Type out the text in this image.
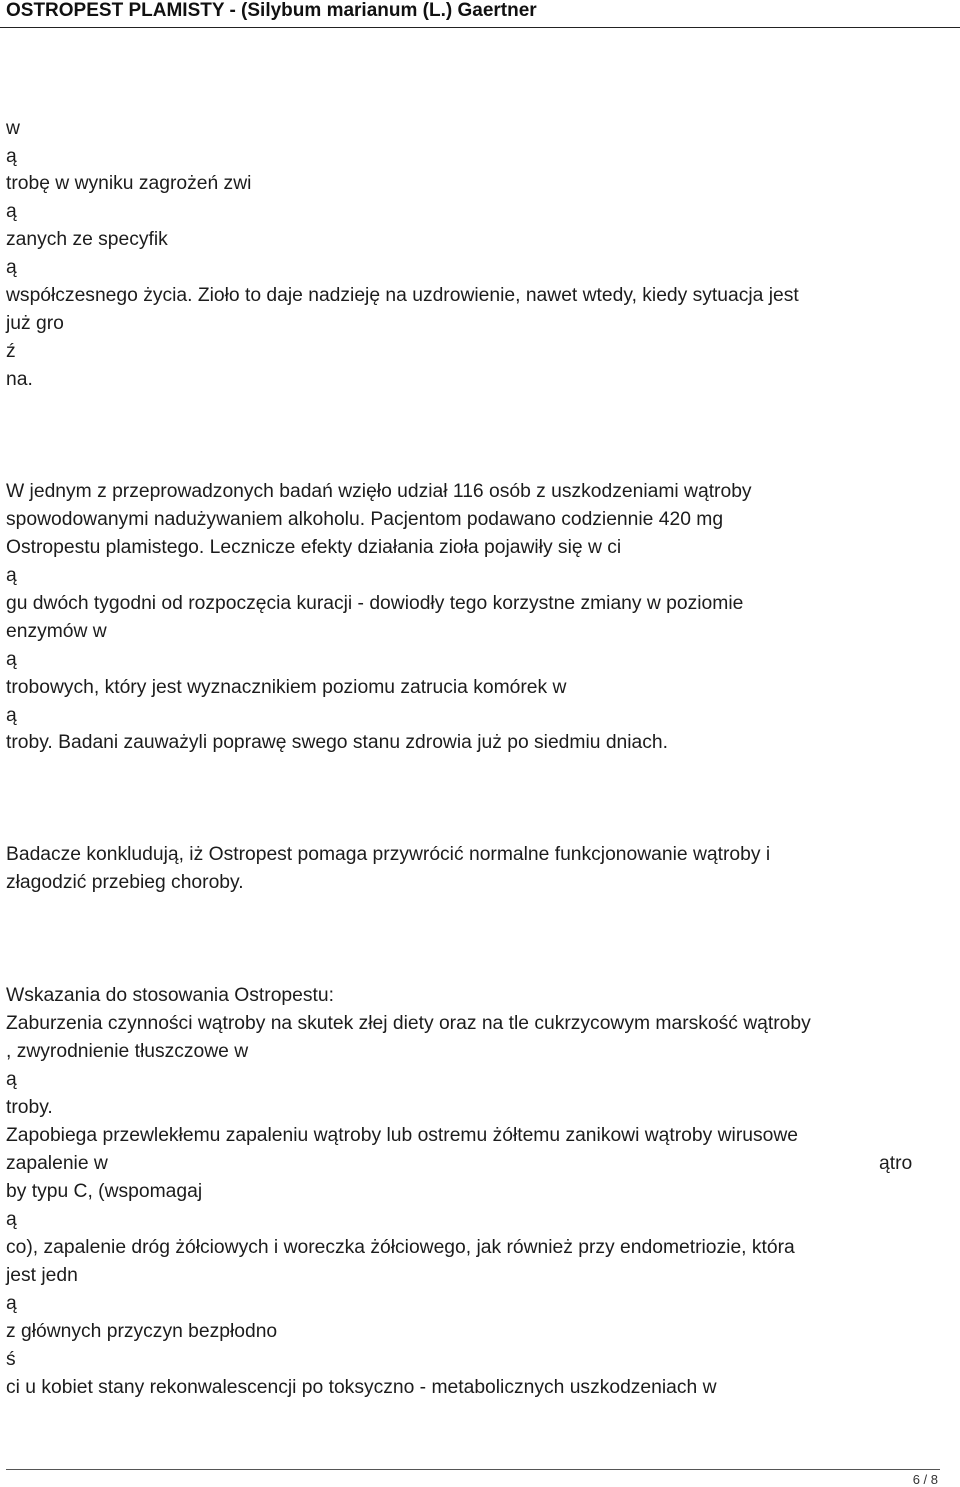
OSTROPEST PLAMISTY - (Silybum marianum (L.) Gaertner
w
ą
trobę w wyniku zagrożeń zwi
ą
zanych ze specyfik
ą
współczesnego życia. Zioło to daje nadzieję na uzdrowienie, nawet wtedy, kiedy sytuacja jest
już gro
ź
na.
W jednym z przeprowadzonych badań wzięło udział 116 osób z uszkodzeniami wątroby
spowodowanymi nadużywaniem alkoholu. Pacjentom podawano codziennie 420 mg
Ostropestu plamistego. Lecznicze efekty działania zioła pojawiły się w ci
ą
gu dwóch tygodni od rozpoczęcia kuracji - dowiodły tego korzystne zmiany w poziomie
enzymów w
ą
trobowych, który jest wyznacznikiem poziomu zatrucia komórek w
ą
troby. Badani zauważyli poprawę swego stanu zdrowia już po siedmiu dniach.
Badacze konkludują, iż Ostropest pomaga przywrócić normalne funkcjonowanie wątroby i
złagodzić przebieg choroby.
Wskazania do stosowania Ostropestu:
Zaburzenia czynności wątroby na skutek złej diety oraz na tle cukrzycowym marskość wątroby
, zwyrodnienie tłuszczowe w
ą
troby.
Zapobiega przewlekłemu zapaleniu wątroby lub ostremu żółtemu zanikowi wątroby wirusowe
zapalenie w	ątro
by typu C, (wspomagaj
ą
co), zapalenie dróg żółciowych i woreczka żółciowego, jak również przy endometriozie, która
jest jedn
ą
z głównych przyczyn bezpłodno
ś
ci u kobiet stany rekonwalescencji po toksyczno - metabolicznych uszkodzeniach w
6 / 8
